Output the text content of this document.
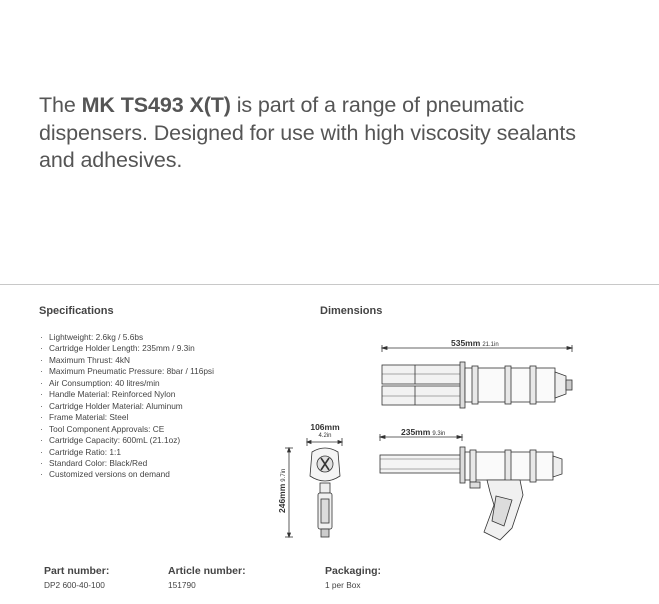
The MK TS493 X(T) is part of a range of pneumatic dispensers. Designed for use with high viscosity sealants and adhesives.

Specifications
· Lightweight: 2.6kg / 5.6bs
· Cartridge Holder Length: 235mm / 9.3in
· Maximum Thrust: 4kN
· Maximum Pneumatic Pressure: 8bar / 116psi
· Air Consumption: 40 litres/min
· Handle Material: Reinforced Nylon
· Cartridge Holder Material: Aluminum
· Frame Material: Steel
· Tool Component Approvals: CE
· Cartridge Capacity: 600mL (21.1oz)
· Cartridge Ratio: 1:1
· Standard Color: Black/Red
· Customized versions on demand
Dimensions
535mm 21.1in
235mm 9.3in
106mm
4.2in
246mm9.7in
Part number:
DP2 600-40-100
Article number:
151790
Packaging:
1 per Box
